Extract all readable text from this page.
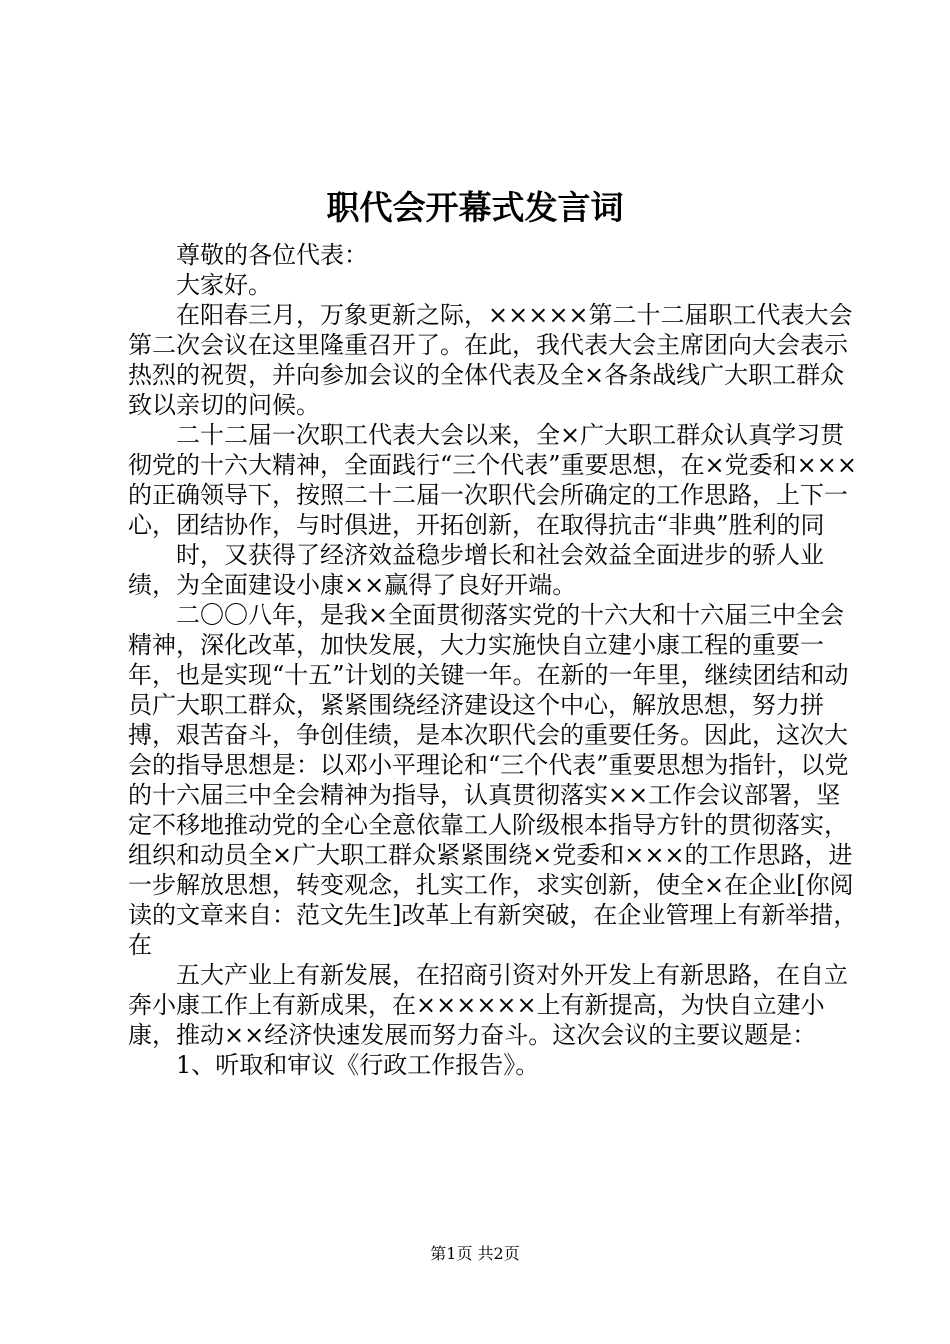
职代会开幕式发言词

尊敬的各位代表：

大家好。

在阳春三月，万象更新之际，×××××第二十二届职工代表大会第二次会议在这里隆重召开了。在此，我代表大会主席团向大会表示热烈的祝贺，并向参加会议的全体代表及全×各条战线广大职工群众致以亲切的问候。

二十二届一次职工代表大会以来，全×广大职工群众认真学习贯彻党的十六大精神，全面践行“三个代表”重要思想，在×党委和×××的正确领导下，按照二十二届一次职代会所确定的工作思路，上下一心，团结协作，与时俱进，开拓创新，在取得抗击“非典”胜利的同

时，又获得了经济效益稳步增长和社会效益全面进步的骄人业绩，为全面建设小康××赢得了良好开端。

二〇〇八年，是我×全面贯彻落实党的十六大和十六届三中全会精神，深化改革，加快发展，大力实施快自立建小康工程的重要一年，也是实现“十五”计划的关键一年。在新的一年里，继续团结和动员广大职工群众，紧紧围绕经济建设这个中心，解放思想，努力拼搏，艰苦奋斗，争创佳绩，是本次职代会的重要任务。因此，这次大会的指导思想是：以邓小平理论和“三个代表”重要思想为指针，以党的十六届三中全会精神为指导，认真贯彻落实××工作会议部署，坚定不移地推动党的全心全意依靠工人阶级根本指导方针的贯彻落实，组织和动员全×广大职工群众紧紧围绕×党委和×××的工作思路，进一步解放思想，转变观念，扎实工作，求实创新，使全×在企业[你阅读的文章来自：范文先生]改革上有新突破，在企业管理上有新举措，在

五大产业上有新发展，在招商引资对外开发上有新思路，在自立奔小康工作上有新成果，在××××××上有新提高，为快自立建小康，推动××经济快速发展而努力奋斗。这次会议的主要议题是：

1、听取和审议《行政工作报告》。

第1页 共2页
